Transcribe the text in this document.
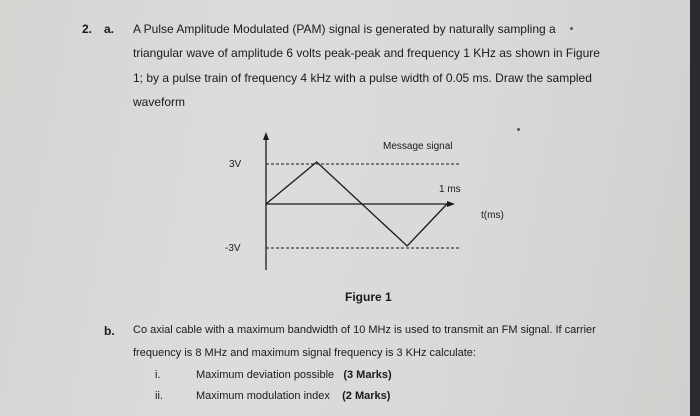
2. a. A Pulse Amplitude Modulated (PAM) signal is generated by naturally sampling a
triangular wave of amplitude 6 volts peak-peak and frequency 1 KHz as shown in Figure
1; by a pulse train of frequency 4 kHz with a pulse width of 0.05 ms. Draw the sampled
waveform
Message signal
3V
-3V
1 ms
t(ms)
Figure 1
b. Co axial cable with a maximum bandwidth of 10 MHz is used to transmit an FM signal. If carrier
frequency is 8 MHz and maximum signal frequency is 3 KHz calculate:
i.	Maximum deviation possible (3 Marks)
ii.	Maximum modulation index (2 Marks)
